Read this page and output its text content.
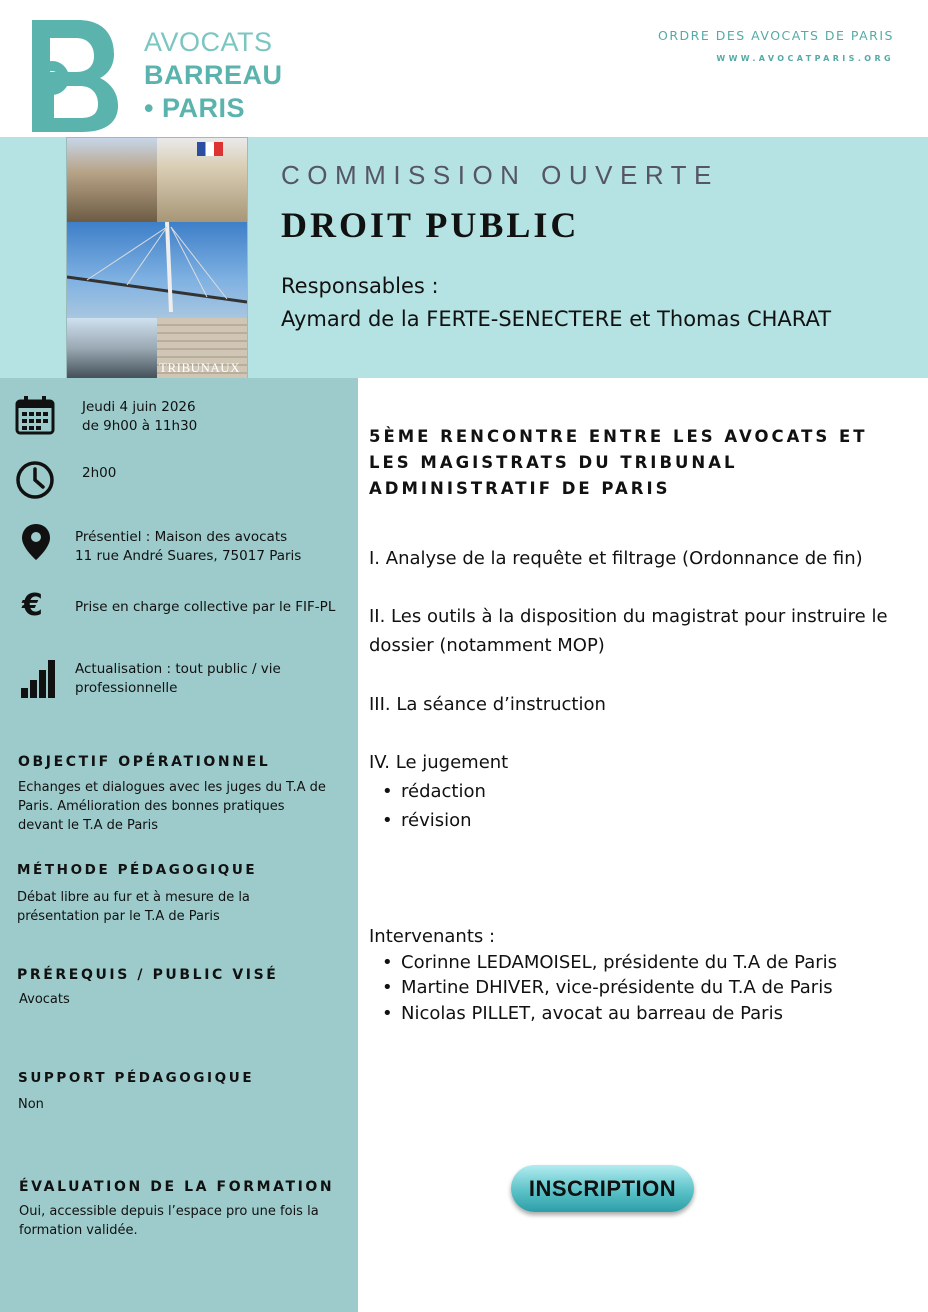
AVOCATS
BARREAU
• PARIS
ORDRE DES AVOCATS DE PARIS
WWW.AVOCATPARIS.ORG
TRIBUNAUX
COMMISSION OUVERTE
DROIT PUBLIC
Responsables :
Aymard de la FERTE-SENECTERE et Thomas CHARAT
Jeudi 4 juin 2026
de 9h00 à 11h30
2h00
Présentiel : Maison des avocats
11 rue André Suares, 75017 Paris
€ Prise en charge collective par le FIF-PL
Actualisation : tout public / vie
professionnelle
OBJECTIF OPÉRATIONNEL
Echanges et dialogues avec les juges du T.A de
Paris. Amélioration des bonnes pratiques
devant le T.A de Paris
MÉTHODE PÉDAGOGIQUE
Débat libre au fur et à mesure de la
présentation par le T.A de Paris
PRÉREQUIS / PUBLIC VISÉ
Avocats
SUPPORT PÉDAGOGIQUE
Non
ÉVALUATION DE LA FORMATION
Oui, accessible depuis l’espace pro une fois la
formation validée.
5ÈME RENCONTRE ENTRE LES AVOCATS ET
LES MAGISTRATS DU TRIBUNAL
ADMINISTRATIF DE PARIS
I. Analyse de la requête et filtrage (Ordonnance de fin)
II. Les outils à la disposition du magistrat pour instruire le
dossier (notamment MOP)
III. La séance d’instruction
IV. Le jugement
• rédaction
• révision
Intervenants :
• Corinne LEDAMOISEL, présidente du T.A de Paris
• Martine DHIVER, vice-présidente du T.A de Paris
• Nicolas PILLET, avocat au barreau de Paris
INSCRIPTION
